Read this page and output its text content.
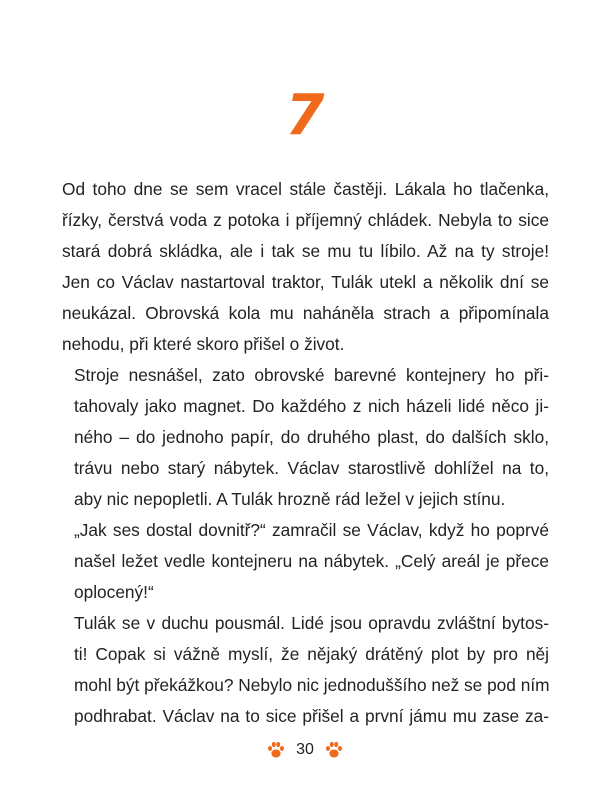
7

Od toho dne se sem vracel stále častěji. Lákala ho tlačenka,
řízky, čerstvá voda z potoka i příjemný chládek. Nebyla to sice
stará dobrá skládka, ale i tak se mu tu líbilo. Až na ty stroje!
Jen co Václav nastartoval traktor, Tulák utekl a několik dní se
neukázal. Obrovská kola mu naháněla strach a připomínala
nehodu, při které skoro přišel o život.

Stroje nesnášel, zato obrovské barevné kontejnery ho při-
tahovaly jako magnet. Do každého z nich házeli lidé něco ji-
ného – do jednoho papír, do druhého plast, do dalších sklo,
trávu nebo starý nábytek. Václav starostlivě dohlížel na to,
aby nic nepopletli. A Tulák hrozně rád ležel v jejich stínu.

„Jak ses dostal dovnitř?“ zamračil se Václav, když ho poprvé
našel ležet vedle kontejneru na nábytek. „Celý areál je přece
oplocený!“

Tulák se v duchu pousmál. Lidé jsou opravdu zvláštní bytos-
ti! Copak si vážně myslí, že nějaký drátěný plot by pro něj
mohl být překážkou? Nebylo nic jednoduššího než se pod ním
podhrabat. Václav na to sice přišel a první jámu mu zase za-

30
